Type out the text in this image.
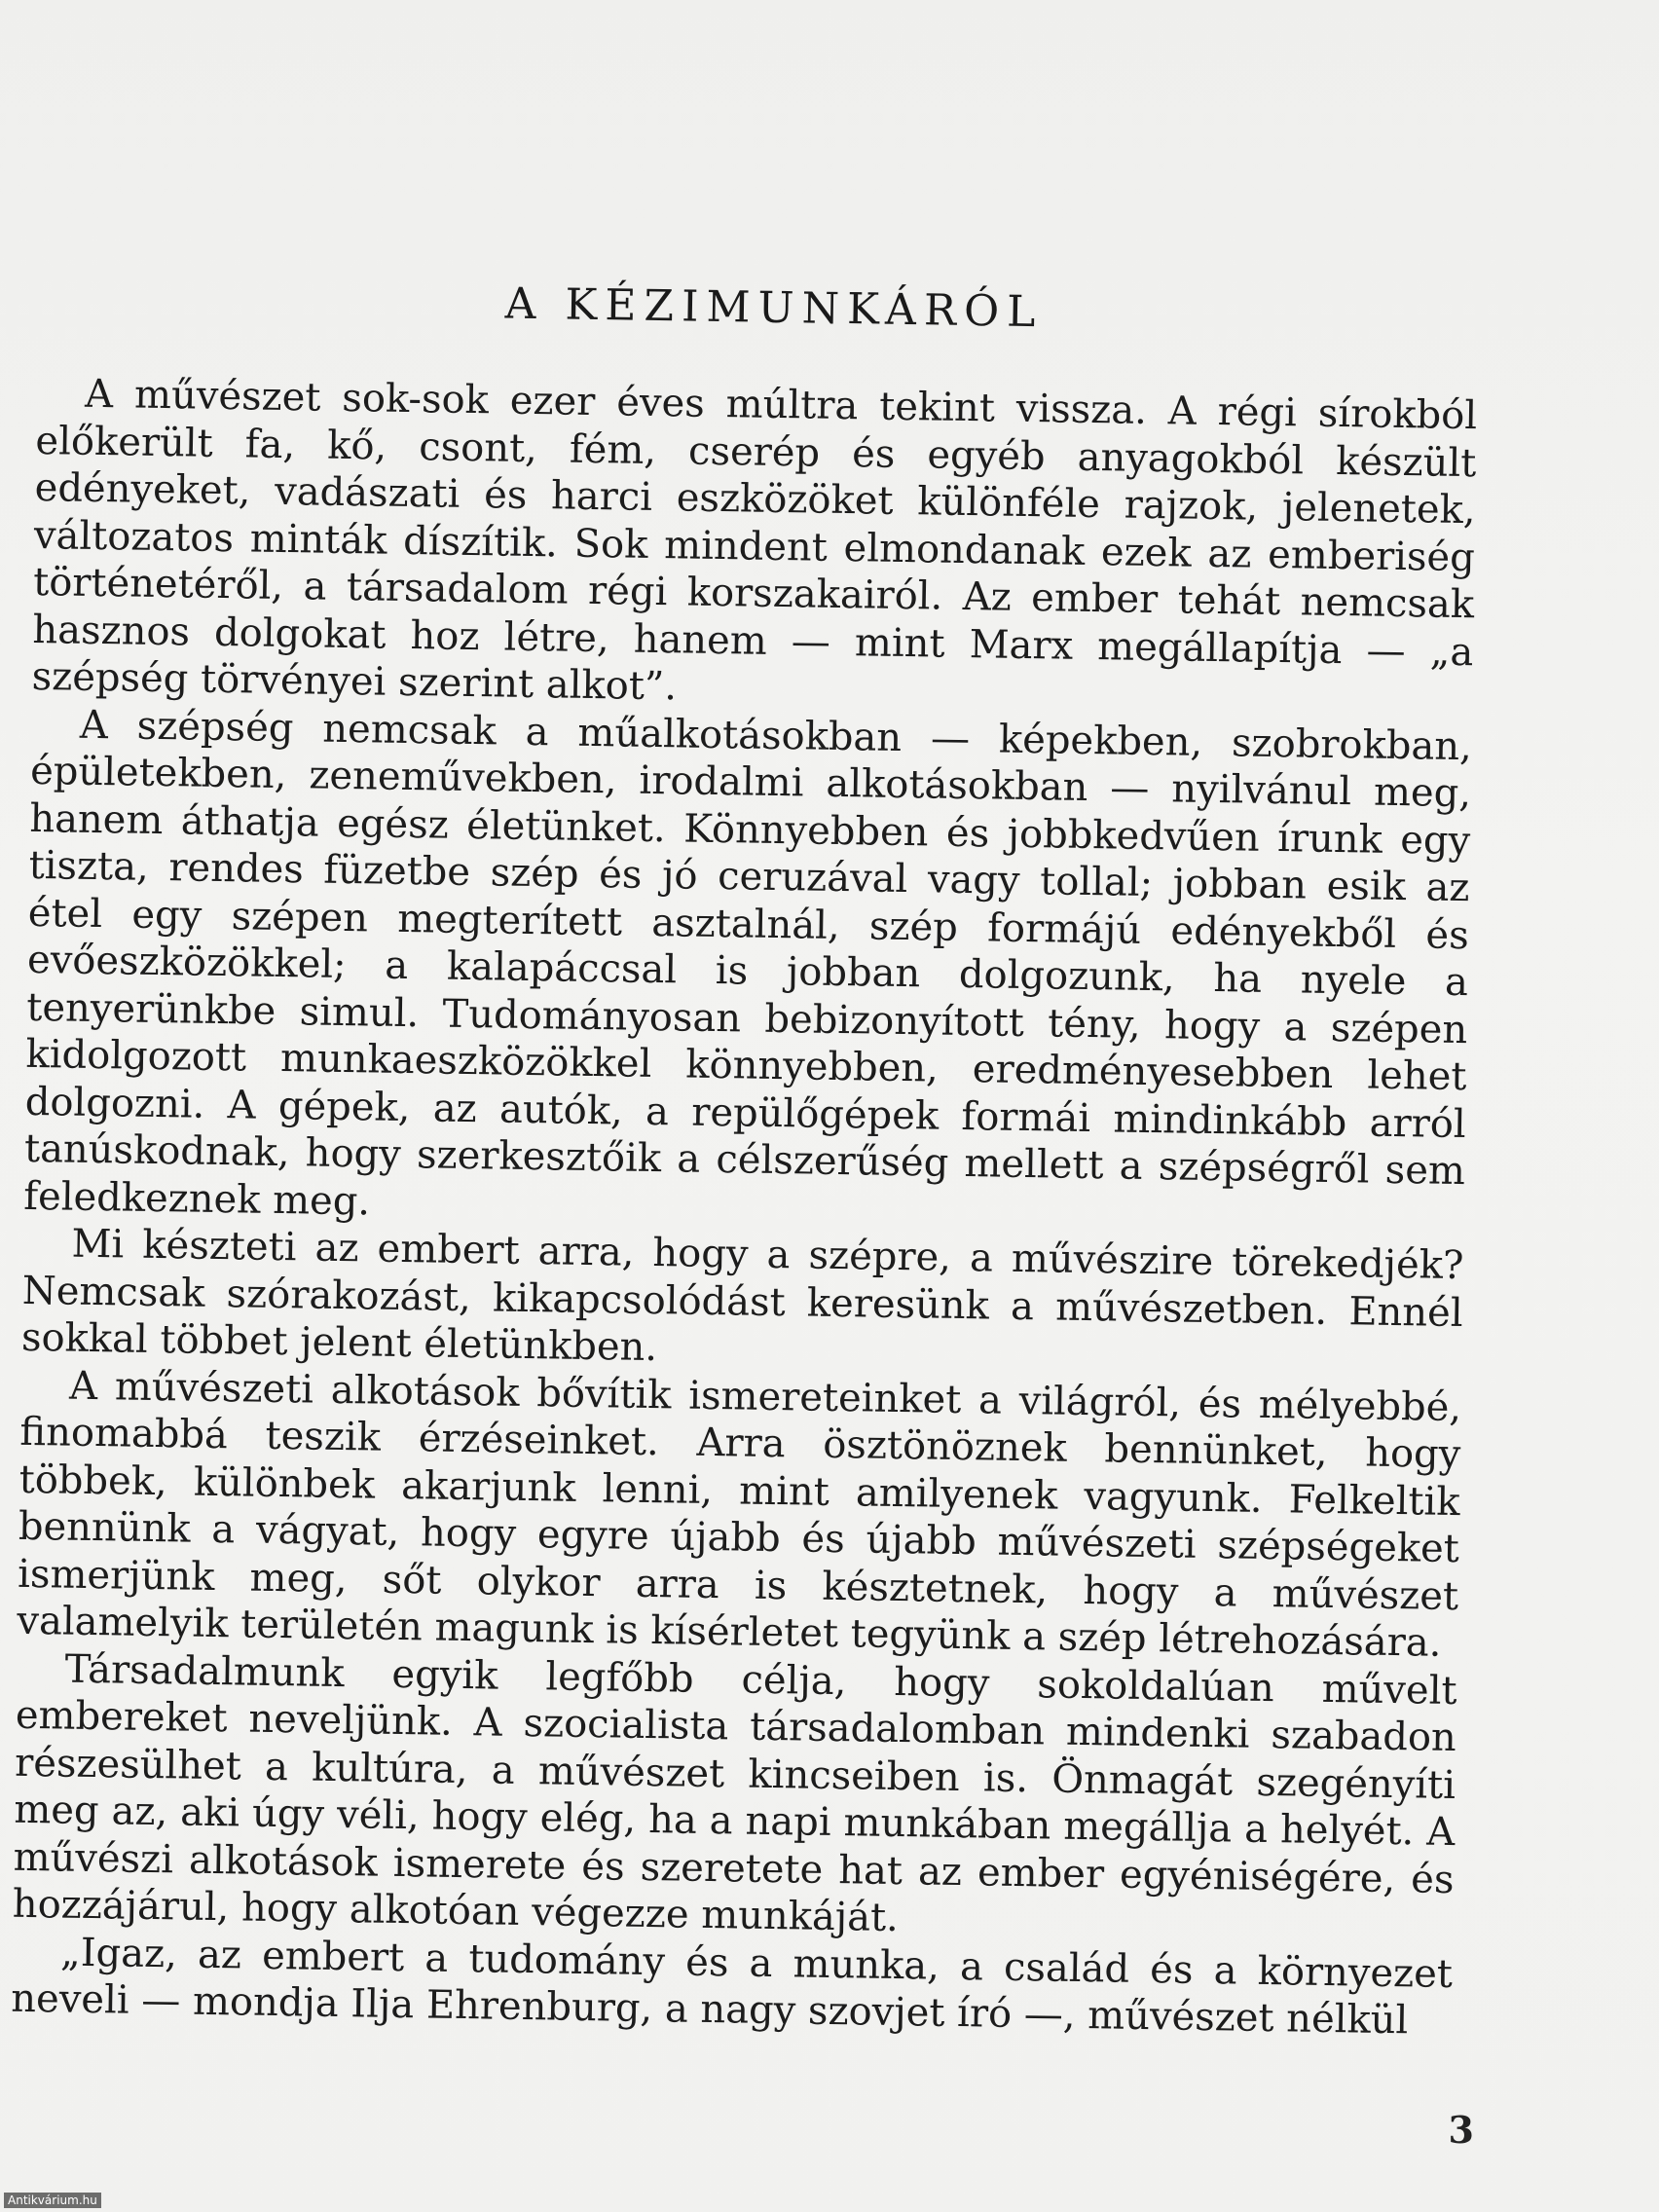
A KÉZIMUNKÁRÓL

A művészet sok-sok ezer éves múltra tekint vissza. A régi sírokból előkerült fa, kő, csont, fém, cserép és egyéb anyagokból készült edényeket, vadászati és harci eszközöket különféle rajzok, jelenetek, változatos minták díszítik. Sok mindent elmondanak ezek az emberiség történetéről, a társadalom régi korszakairól. Az ember tehát nemcsak hasznos dolgokat hoz létre, hanem — mint Marx megállapítja — „a szépség törvényei szerint alkot”.

A szépség nemcsak a műalkotásokban — képekben, szobrokban, épületekben, zeneművekben, irodalmi alkotásokban — nyilvánul meg, hanem áthatja egész életünket. Könnyebben és jobbkedvűen írunk egy tiszta, rendes füzetbe szép és jó ceruzával vagy tollal; jobban esik az étel egy szépen megterített asztalnál, szép formájú edényekből és evőeszközökkel; a kalapáccsal is jobban dolgozunk, ha nyele a tenyerünkbe simul. Tudományosan bebizonyított tény, hogy a szépen kidolgozott munkaeszközökkel könnyebben, eredményesebben lehet dolgozni. A gépek, az autók, a repülőgépek formái mindinkább arról tanúskodnak, hogy szerkesztőik a célszerűség mellett a szépségről sem feledkeznek meg.

Mi készteti az embert arra, hogy a szépre, a művészire törekedjék? Nemcsak szórakozást, kikapcsolódást keresünk a művészetben. Ennél sokkal többet jelent életünkben.

A művészeti alkotások bővítik ismereteinket a világról, és mélyebbé, finomabbá teszik érzéseinket. Arra ösztönöznek bennünket, hogy többek, különbek akarjunk lenni, mint amilyenek vagyunk. Felkeltik bennünk a vágyat, hogy egyre újabb és újabb művészeti szépségeket ismerjünk meg, sőt olykor arra is késztetnek, hogy a művészet valamelyik területén magunk is kísérletet tegyünk a szép létrehozására.

Társadalmunk egyik legfőbb célja, hogy sokoldalúan művelt embereket neveljünk. A szocialista társadalomban mindenki szabadon részesülhet a kultúra, a művészet kincseiben is. Önmagát szegényíti meg az, aki úgy véli, hogy elég, ha a napi munkában megállja a helyét. A művészi alkotások ismerete és szeretete hat az ember egyéniségére, és hozzájárul, hogy alkotóan végezze munkáját.

„Igaz, az embert a tudomány és a munka, a család és a környezet neveli — mondja Ilja Ehrenburg, a nagy szovjet író —, művészet nélkül

3
Antikvárium.hu
